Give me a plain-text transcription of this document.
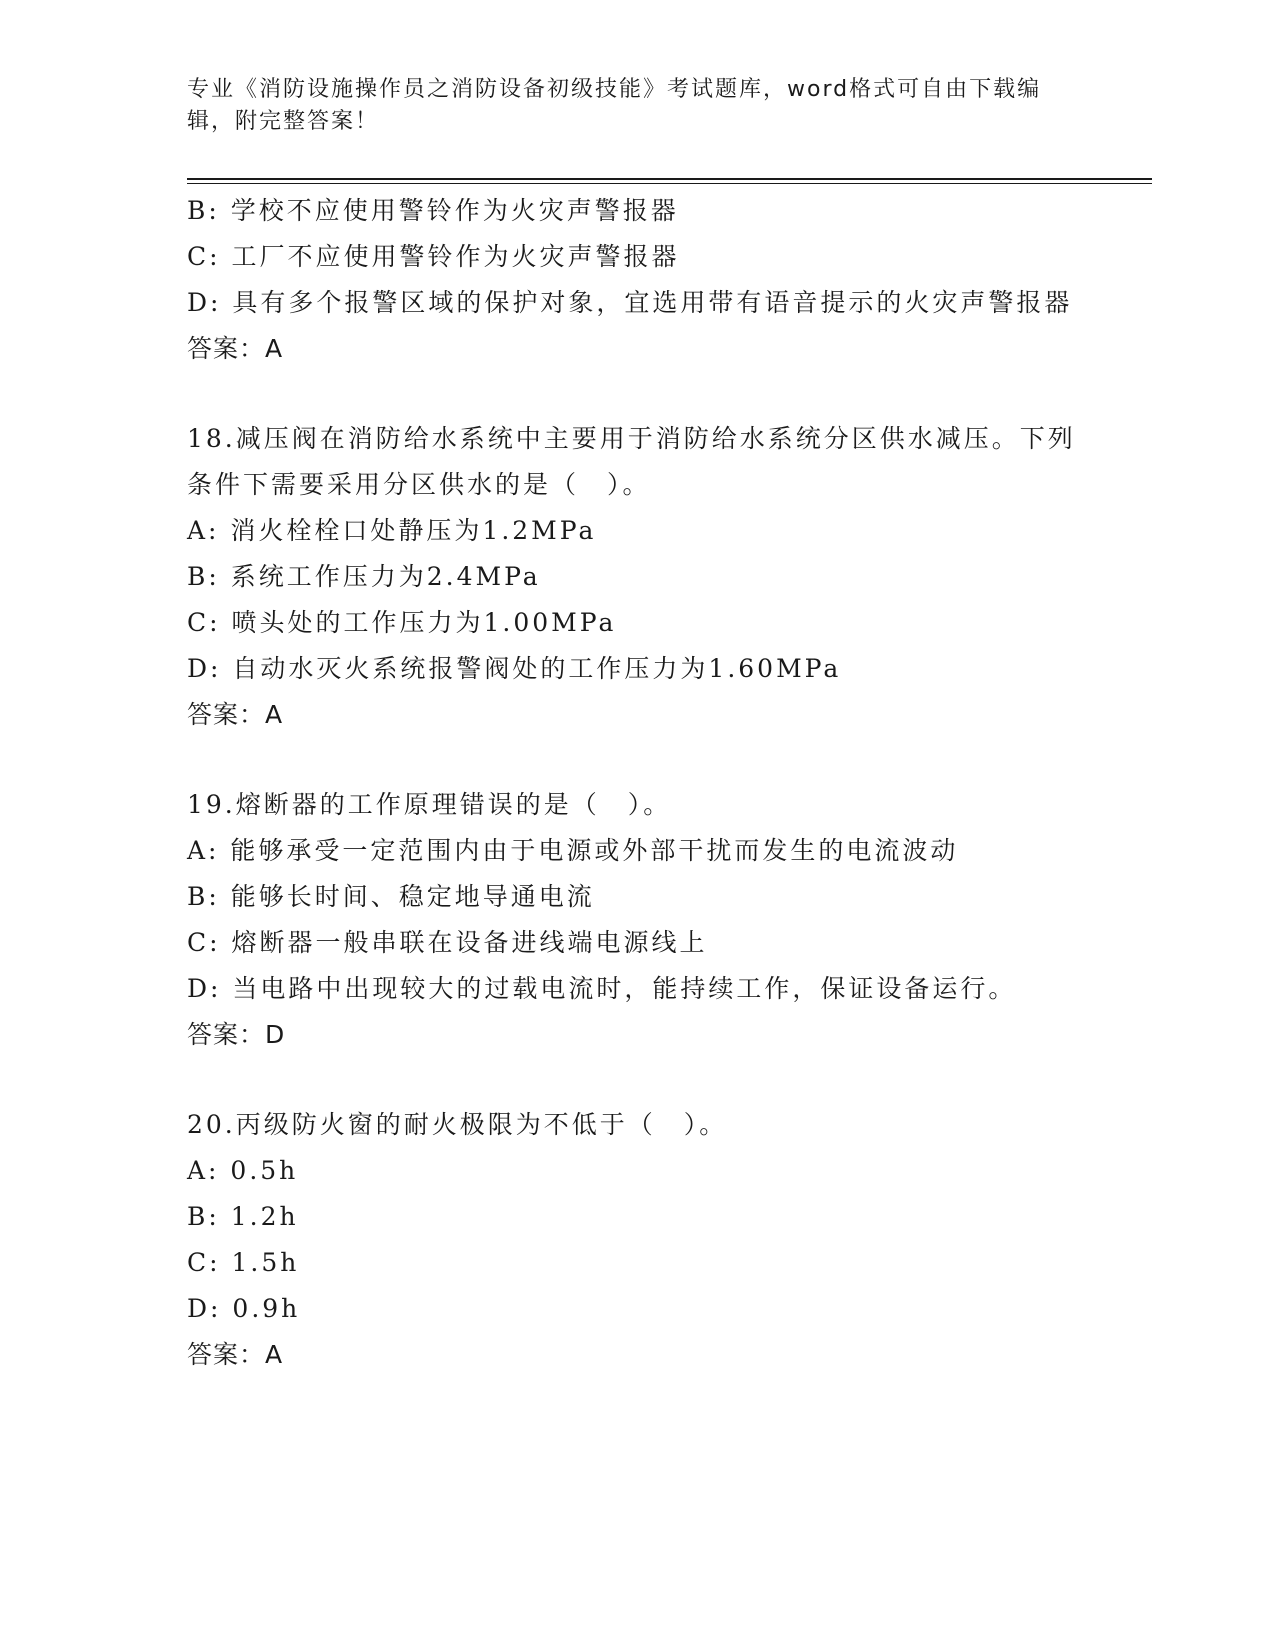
专业《消防设施操作员之消防设备初级技能》考试题库，word格式可自由下载编辑，附完整答案！
B: 学校不应使用警铃作为火灾声警报器
C: 工厂不应使用警铃作为火灾声警报器
D: 具有多个报警区域的保护对象，宜选用带有语音提示的火灾声警报器
答案：A
18.减压阀在消防给水系统中主要用于消防给水系统分区供水减压。下列条件下需要采用分区供水的是（　）。
A: 消火栓栓口处静压为1.2MPa
B: 系统工作压力为2.4MPa
C: 喷头处的工作压力为1.00MPa
D: 自动水灭火系统报警阀处的工作压力为1.60MPa
答案：A
19.熔断器的工作原理错误的是（　）。
A: 能够承受一定范围内由于电源或外部干扰而发生的电流波动
B: 能够长时间、稳定地导通电流
C: 熔断器一般串联在设备进线端电源线上
D: 当电路中出现较大的过载电流时，能持续工作，保证设备运行。
答案：D
20.丙级防火窗的耐火极限为不低于（　）。
A: 0.5h
B: 1.2h
C: 1.5h
D: 0.9h
答案：A
